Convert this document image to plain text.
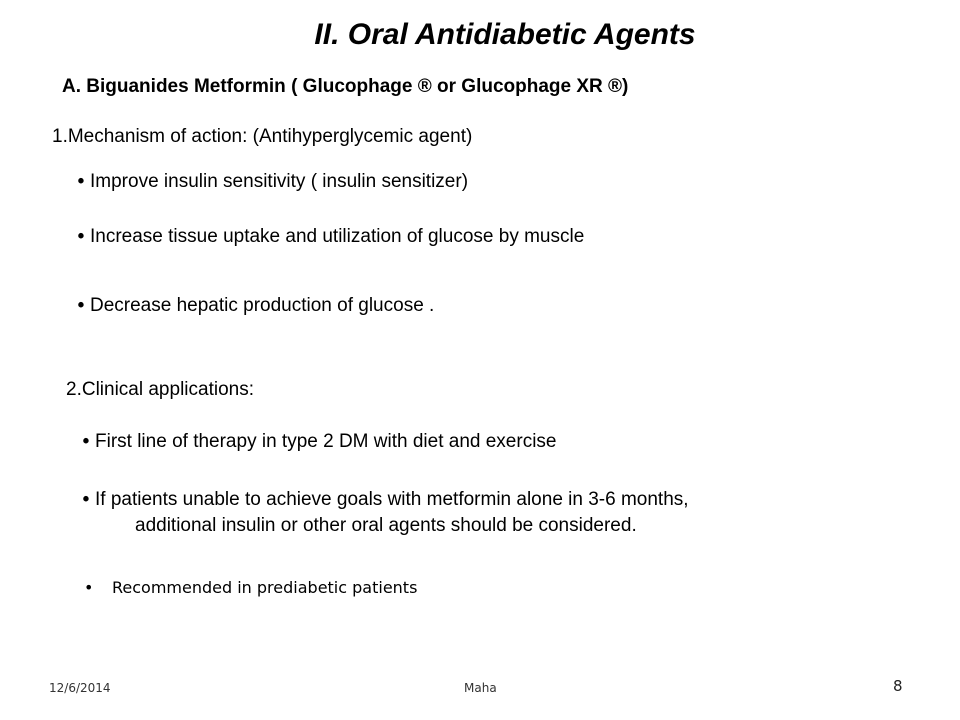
II. Oral Antidiabetic Agents
A. Biguanides Metformin ( Glucophage ® or Glucophage XR ®)
1.Mechanism of action: (Antihyperglycemic agent)
• Improve insulin sensitivity ( insulin sensitizer)
• Increase tissue uptake and utilization of glucose by muscle
• Decrease hepatic production of glucose .
2.Clinical applications:
• First line of therapy in type 2 DM with diet and exercise
• If patients unable to achieve goals with metformin alone in 3-6 months,
additional insulin or other oral agents should be considered.
•	Recommended in prediabetic patients
12/6/2014	Maha	8
